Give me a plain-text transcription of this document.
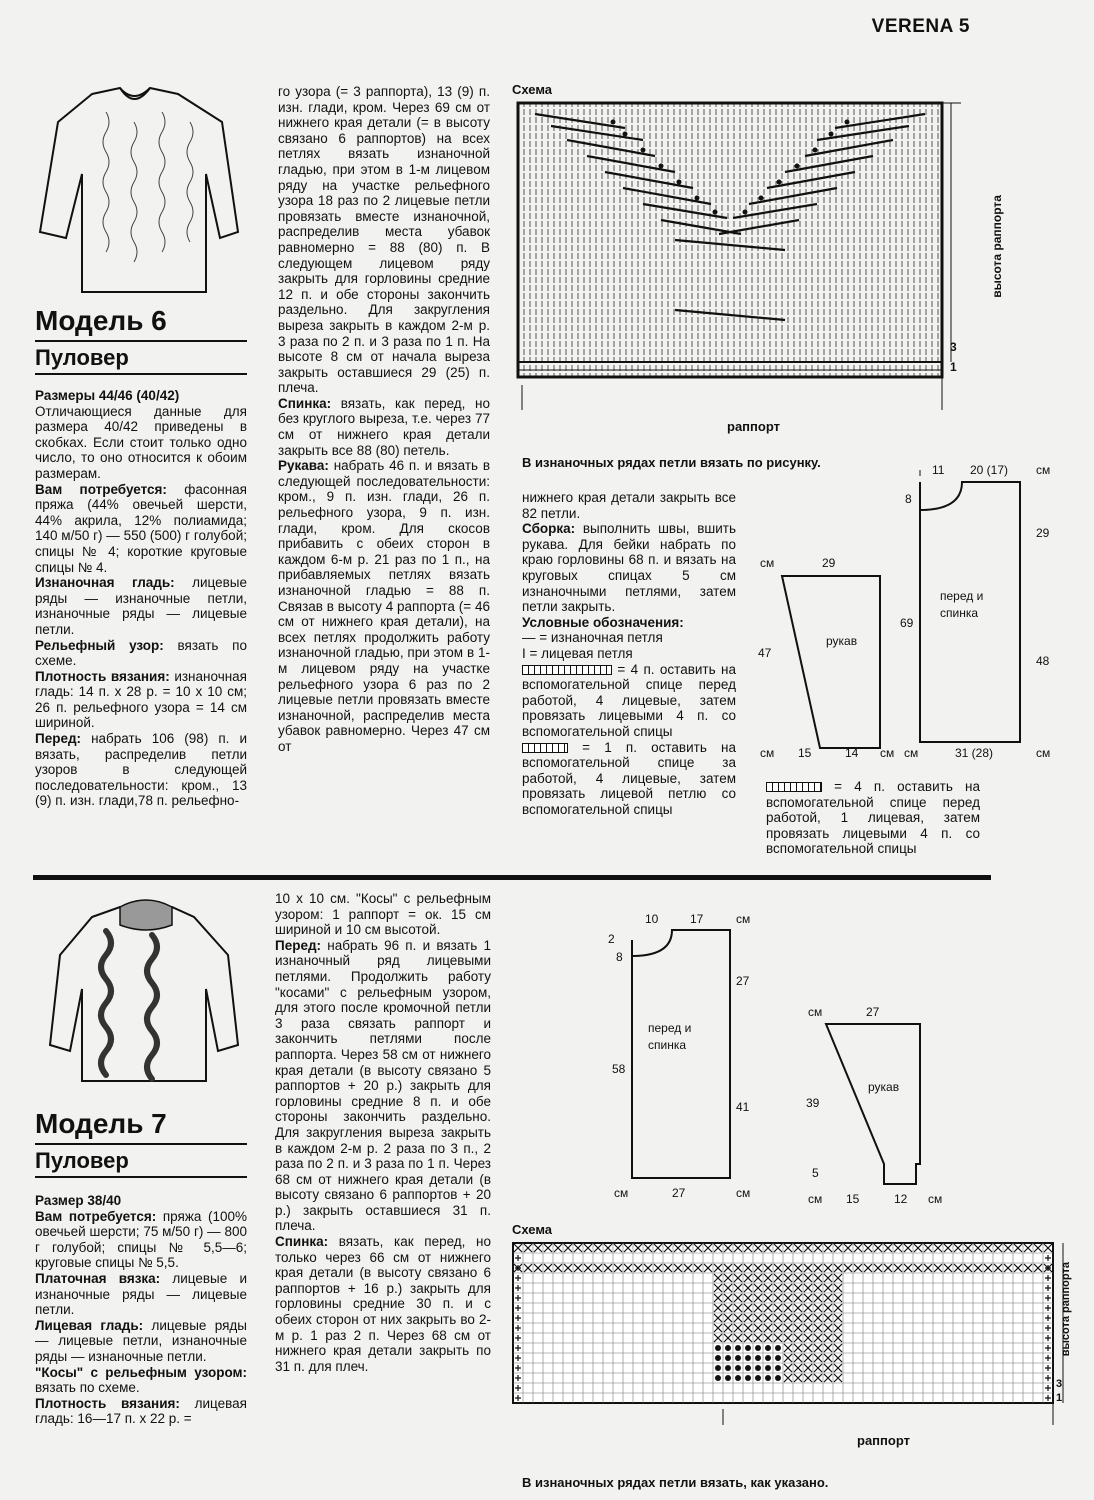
VERENA 5
Модель 6
Пуловер

Размеры 44/46 (40/42)

Отличающиеся данные для размера 40/42 приведены в скобках. Если стоит только одно число, то оно относится к обоим размерам.

Вам потребуется: фасонная пряжа (44% овечьей шерсти, 44% акрила, 12% полиамида; 140 м/50 г) — 550 (500) г голубой; спицы № 4; короткие круговые спицы № 4.

Изнаночная гладь: лицевые ряды — изнаночные петли, изнаночные ряды — лицевые петли.

Рельефный узор: вязать по схеме.

Плотность вязания: изнаночная гладь: 14 п. х 28 р. = 10 х 10 см; 26 п. рельефного узора = 14 см шириной.

Перед: набрать 106 (98) п. и вязать, распределив петли узоров в следующей последовательности: кром., 13 (9) п. изн. глади,78 п. рельефно-

го узора (= 3 раппорта), 13 (9) п. изн. глади, кром. Через 69 см от нижнего края детали (= в высоту связано 6 раппортов) на всех петлях вязать изнаночной гладью, при этом в 1-м лицевом ряду на участке рельефного узора 18 раз по 2 лицевые петли провязать вместе изнаночной, распределив места убавок равномерно = 88 (80) п. В следующем лицевом ряду закрыть для горловины средние 12 п. и обе стороны закончить раздельно. Для закругления выреза закрыть в каждом 2-м р. 3 раза по 2 п. и 3 раза по 1 п. На высоте 8 см от начала выреза закрыть оставшиеся 29 (25) п. плеча.

Спинка: вязать, как перед, но без круглого выреза, т.е. через 77 см от нижнего края детали закрыть все 88 (80) петель.

Рукава: набрать 46 п. и вязать в следующей последовательности: кром., 9 п. изн. глади, 26 п. рельефного узора, 9 п. изн. глади, кром. Для скосов прибавить с обеих сторон в каждом 6-м р. 21 раз по 1 п., на прибавляемых петлях вязать изнаночной гладью = 88 п. Связав в высоту 4 раппорта (= 46 см от нижнего края детали), на всех петлях продолжить работу изнаночной гладью, при этом в 1-м лицевом ряду на участке рельефного узора 6 раз по 2 лицевые петли провязать вместе изнаночной, распределив места убавок равномерно. Через 47 см от

Схема
3
1
высота раппорта
раппорт
В изнаночных рядах петли вязать по рисунку.

нижнего края детали закрыть все 82 петли.

Сборка: выполнить швы, вшить рукава. Для бейки набрать по краю горловины 68 п. и вязать на круговых спицах 5 см изнаночными петлями, затем петли закрыть.

Условные обозначения:

— = изнаночная петля

I = лицевая петля

= 4 п. оставить на вспомогательной спице перед работой, 4 лицевые, затем провязать лицевыми 4 п. со вспомогательной спицы

= 1 п. оставить на вспомогательной спице за работой, 4 лицевые, затем провязать лицевой петлю со вспомогательной спицы

= 4 п. оставить на вспомогательной спице перед работой, 1 лицевая, затем провязать лицевыми 4 п. со вспомогательной спицы

11 20 (17) см
8
29
69
48
перед и спинка
см	31 (28)	см
см	29
47
рукав
см 15	14 см
Модель 7
Пуловер

Размер 38/40

Вам потребуется: пряжа (100% овечьей шерсти; 75 м/50 г) — 800 г голубой; спицы № 5,5—6; круговые спицы № 5,5.

Платочная вязка: лицевые и изнаночные ряды — лицевые петли.

Лицевая гладь: лицевые ряды — лицевые петли, изнаночные ряды — изнаночные петли.

"Косы" с рельефным узором: вязать по схеме.

Плотность вязания: лицевая гладь: 16—17 п. х 22 р. =

10 х 10 см. "Косы" с рельефным узором: 1 раппорт = ок. 15 см шириной и 10 см высотой.

Перед: набрать 96 п. и вязать 1 изнаночный ряд лицевыми петлями. Продолжить работу "косами" с рельефным узором, для этого после кромочной петли 3 раза связать раппорт и закончить петлями после раппорта. Через 58 см от нижнего края детали (в высоту связано 5 раппортов + 20 р.) закрыть для горловины средние 8 п. и обе стороны закончить раздельно. Для закругления выреза закрыть в каждом 2-м р. 2 раза по 3 п., 2 раза по 2 п. и 3 раза по 1 п. Через 68 см от нижнего края детали (в высоту связано 6 раппортов + 20 р.) закрыть оставшиеся 31 п. плеча.

Спинка: вязать, как перед, но только через 66 см от нижнего края детали (в высоту связано 6 раппортов + 16 р.) закрыть для горловины средние 30 п. и с обеих сторон от них закрыть во 2-м р. 1 раз 2 п. Через 68 см от нижнего края детали закрыть по 31 п. для плеч.

10	17	см
2
8
27
58
41
перед и спинка
см	27	см
см	27
39
5
рукав
см 15	12 см
Схема
3
1
высота раппорта
раппорт
В изнаночных рядах петли вязать, как указано.
